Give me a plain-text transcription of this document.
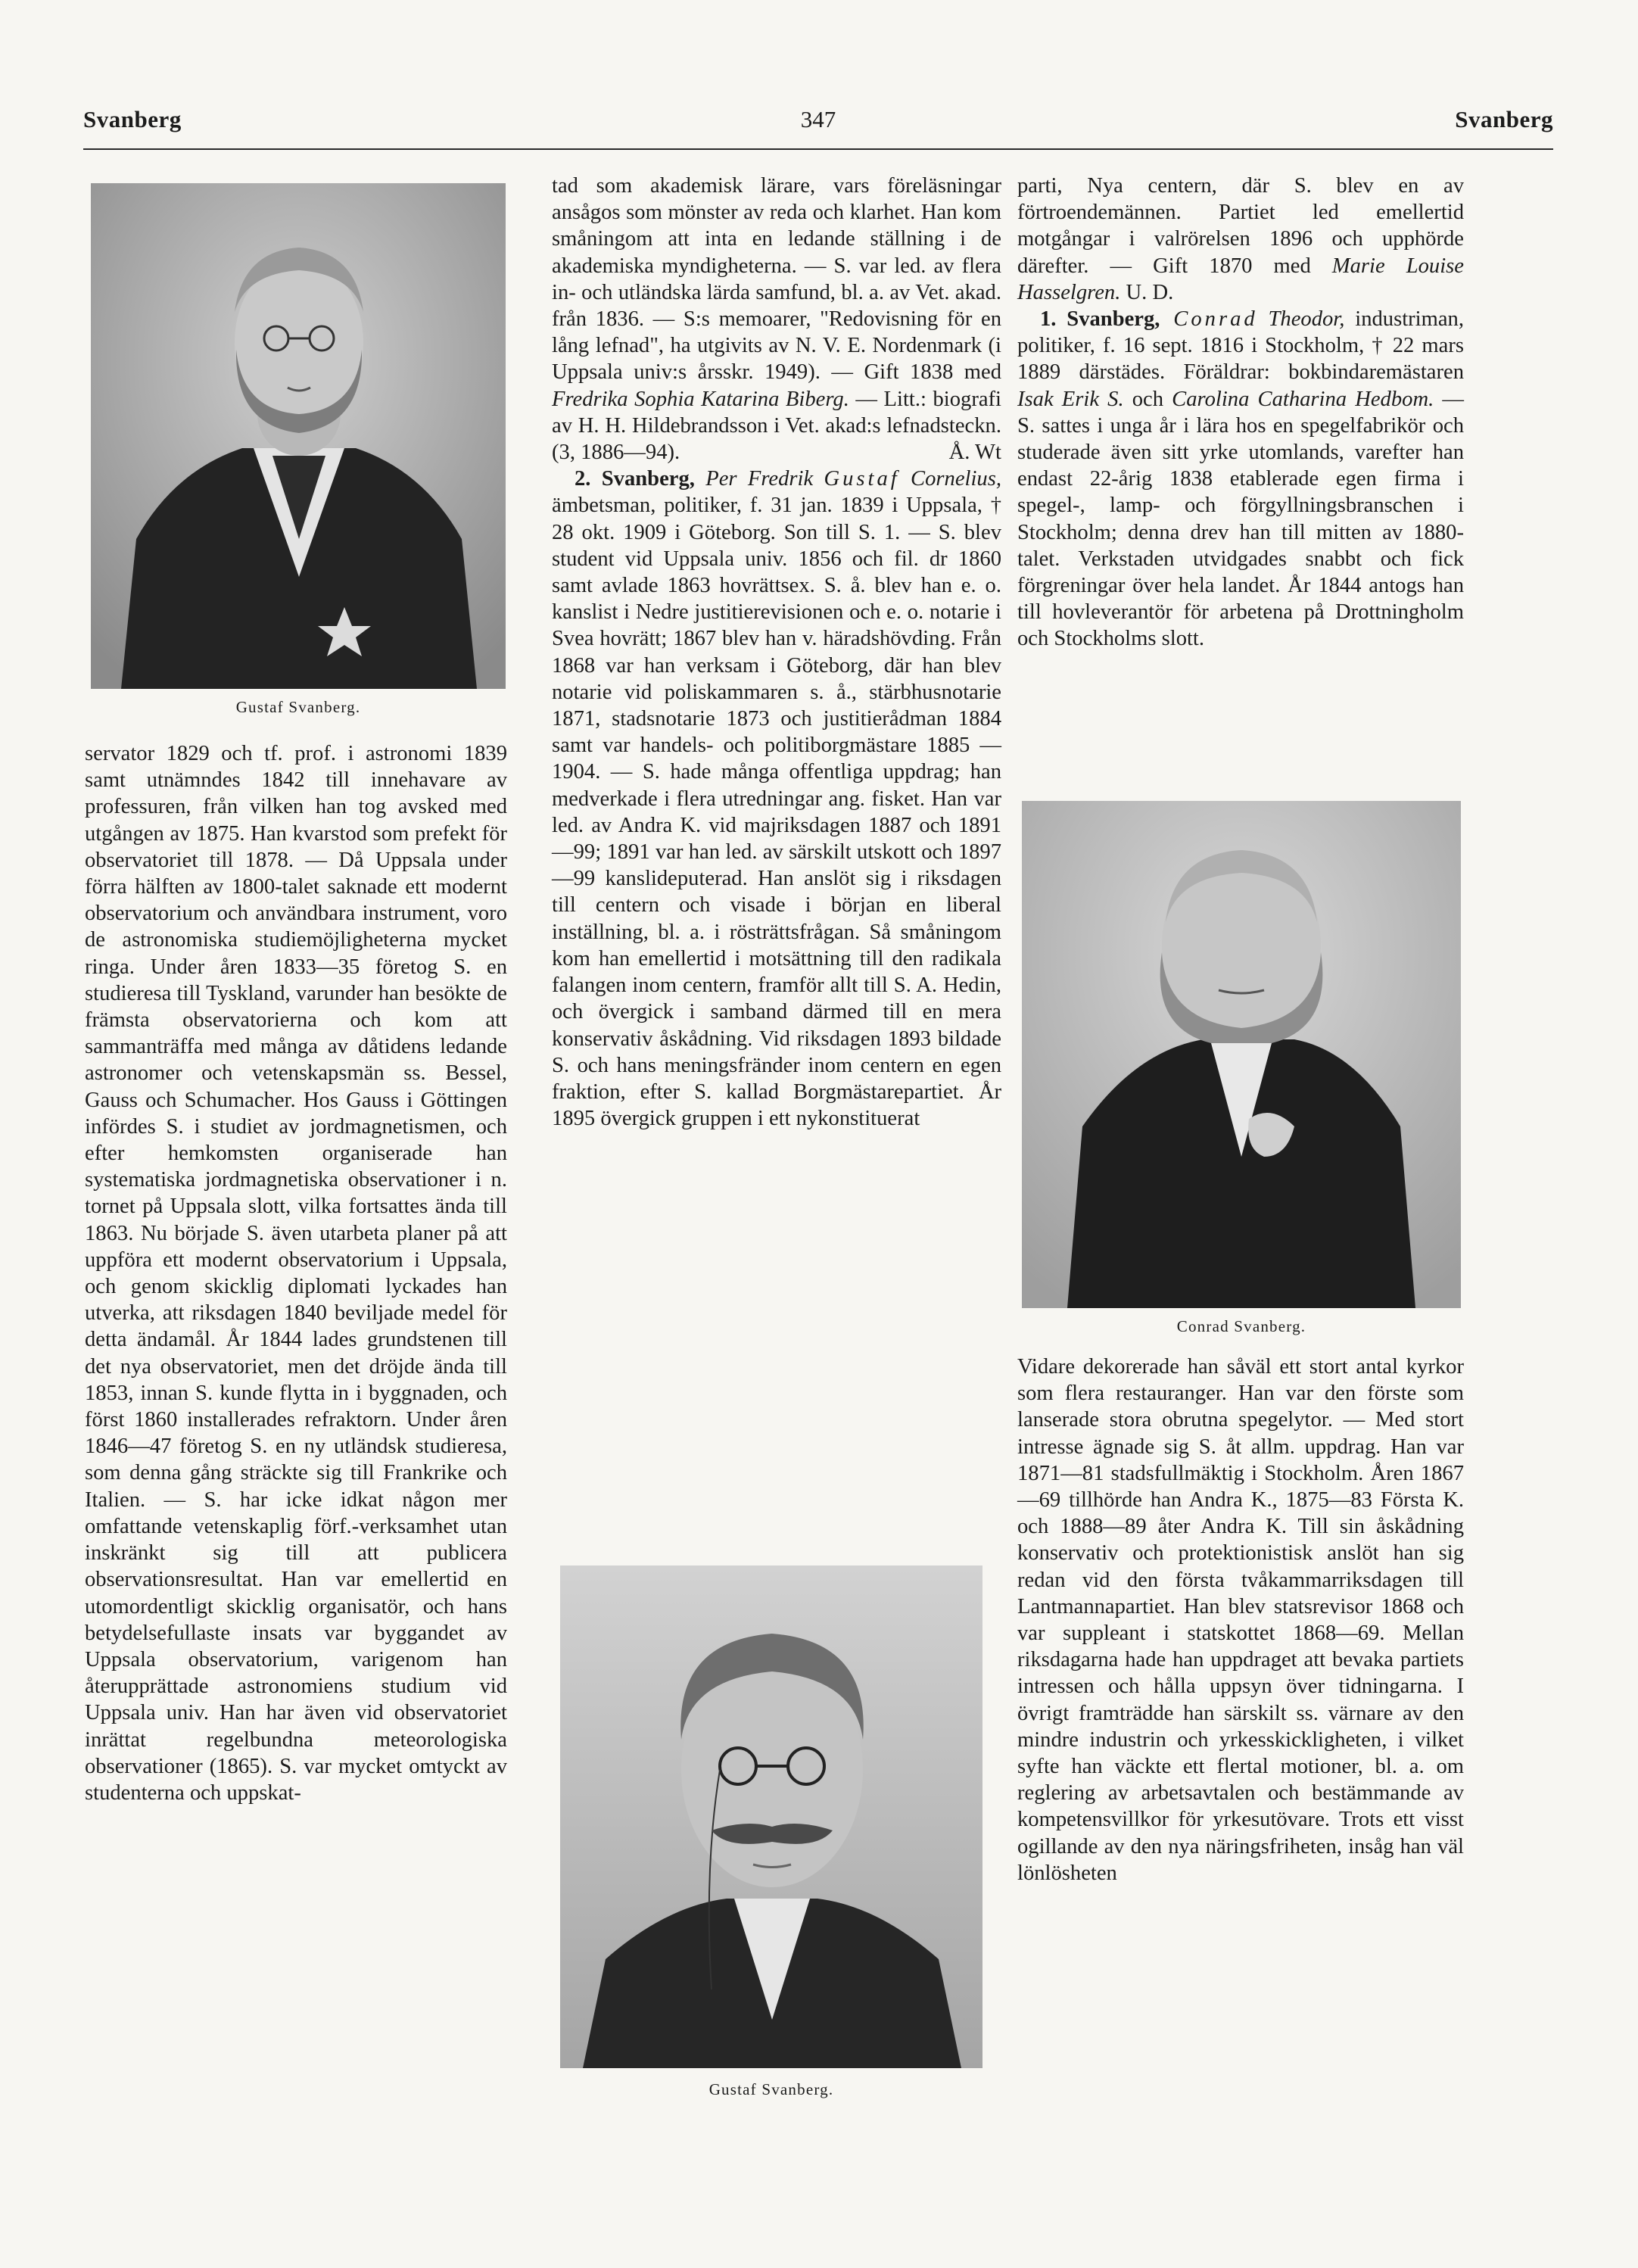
Svanberg	347	Svanberg
Gustaf Svanberg.

servator 1829 och tf. prof. i astronomi 1839 samt utnämndes 1842 till innehavare av professuren, från vilken han tog avsked med utgången av 1875. Han kvarstod som prefekt för observatoriet till 1878. — Då Uppsala under förra hälften av 1800-talet saknade ett modernt observatorium och användbara instrument, voro de astronomiska studiemöjligheterna mycket ringa. Under åren 1833—35 företog S. en studieresa till Tyskland, varunder han besökte de främsta observatorierna och kom att sammanträffa med många av dåtidens ledande astronomer och vetenskapsmän ss. Bessel, Gauss och Schumacher. Hos Gauss i Göttingen infördes S. i studiet av jordmagnetismen, och efter hemkomsten organiserade han systematiska jordmagnetiska observationer i n. tornet på Uppsala slott, vilka fortsattes ända till 1863. Nu började S. även utarbeta planer på att uppföra ett modernt observatorium i Uppsala, och genom skicklig diplomati lyckades han utverka, att riksdagen 1840 beviljade medel för detta ändamål. År 1844 lades grundstenen till det nya observatoriet, men det dröjde ända till 1853, innan S. kunde flytta in i byggnaden, och först 1860 installerades refraktorn. Under åren 1846—47 företog S. en ny utländsk studieresa, som denna gång sträckte sig till Frankrike och Italien. — S. har icke idkat någon mer omfattande vetenskaplig förf.-verksamhet utan inskränkt sig till att publicera observationsresultat. Han var emellertid en utomordentligt skicklig organisatör, och hans betydelsefullaste insats var byggandet av Uppsala observatorium, varigenom han återupprättade astronomiens studium vid Uppsala univ. Han har även vid observatoriet inrättat regelbundna meteorologiska observationer (1865). S. var mycket omtyckt av studenterna och uppskat-

tad som akademisk lärare, vars föreläsningar ansågos som mönster av reda och klarhet. Han kom småningom att inta en ledande ställning i de akademiska myndigheterna. — S. var led. av flera in- och utländska lärda samfund, bl. a. av Vet. akad. från 1836. — S:s memoarer, "Redovisning för en lång lefnad", ha utgivits av N. V. E. Nordenmark (i Uppsala univ:s årsskr. 1949). — Gift 1838 med Fredrika Sophia Katarina Biberg. — Litt.: biografi av H. H. Hildebrandsson i Vet. akad:s lefnadsteckn. (3, 1886—94).	Å. Wt

2. Svanberg, Per Fredrik Gustaf Cornelius, ämbetsman, politiker, f. 31 jan. 1839 i Uppsala, † 28 okt. 1909 i Göteborg. Son till S. 1. — S. blev student vid Uppsala univ. 1856 och fil. dr 1860 samt avlade 1863 hovrättsex. S. å. blev han e. o. kanslist i Nedre justitierevisionen och e. o. notarie i Svea hovrätt; 1867 blev han v. häradshövding. Från 1868 var han verksam i Göteborg, där han blev notarie vid poliskammaren s. å., stärbhusnotarie 1871, stadsnotarie 1873 och justitierådman 1884 samt var handels- och politiborgmästare 1885 —1904. — S. hade många offentliga uppdrag; han medverkade i flera utredningar ang. fisket. Han var led. av Andra K. vid majriksdagen 1887 och 1891—99; 1891 var han led. av särskilt utskott och 1897—99 kanslideputerad. Han anslöt sig i riksdagen till centern och visade i början en liberal inställning, bl. a. i rösträttsfrågan. Så småningom kom han emellertid i motsättning till den radikala falangen inom centern, framför allt till S. A. Hedin, och övergick i samband därmed till en mera konservativ åskådning. Vid riksdagen 1893 bildade S. och hans meningsfränder inom centern en egen fraktion, efter S. kallad Borgmästarepartiet. År 1895 övergick gruppen i ett nykonstituerat

Gustaf Svanberg.

parti, Nya centern, där S. blev en av förtroendemännen. Partiet led emellertid motgångar i valrörelsen 1896 och upphörde därefter. — Gift 1870 med Marie Louise Hasselgren. U. D.

1. Svanberg, Conrad Theodor, industriman, politiker, f. 16 sept. 1816 i Stockholm, † 22 mars 1889 därstädes. Föräldrar: bokbindaremästaren Isak Erik S. och Carolina Catharina Hedbom. — S. sattes i unga år i lära hos en spegelfabrikör och studerade även sitt yrke utomlands, varefter han endast 22-årig 1838 etablerade egen firma i spegel-, lamp- och förgyllningsbranschen i Stockholm; denna drev han till mitten av 1880-talet. Verkstaden utvidgades snabbt och fick förgreningar över hela landet. År 1844 antogs han till hovleverantör för arbetena på Drottningholm och Stockholms slott.

Conrad Svanberg.

Vidare dekorerade han såväl ett stort antal kyrkor som flera restauranger. Han var den förste som lanserade stora obrutna spegelytor. — Med stort intresse ägnade sig S. åt allm. uppdrag. Han var 1871—81 stadsfullmäktig i Stockholm. Åren 1867—69 tillhörde han Andra K., 1875—83 Första K. och 1888—89 åter Andra K. Till sin åskådning konservativ och protektionistisk anslöt han sig redan vid den första tvåkammarriksdagen till Lantmannapartiet. Han blev statsrevisor 1868 och var suppleant i statskottet 1868—69. Mellan riksdagarna hade han uppdraget att bevaka partiets intressen och hålla uppsyn över tidningarna. I övrigt framträdde han särskilt ss. värnare av den mindre industrin och yrkesskickligheten, i vilket syfte han väckte ett flertal motioner, bl. a. om reglering av arbetsavtalen och bestämmande av kompetensvillkor för yrkesutövare. Trots ett visst ogillande av den nya näringsfriheten, insåg han väl lönlösheten
